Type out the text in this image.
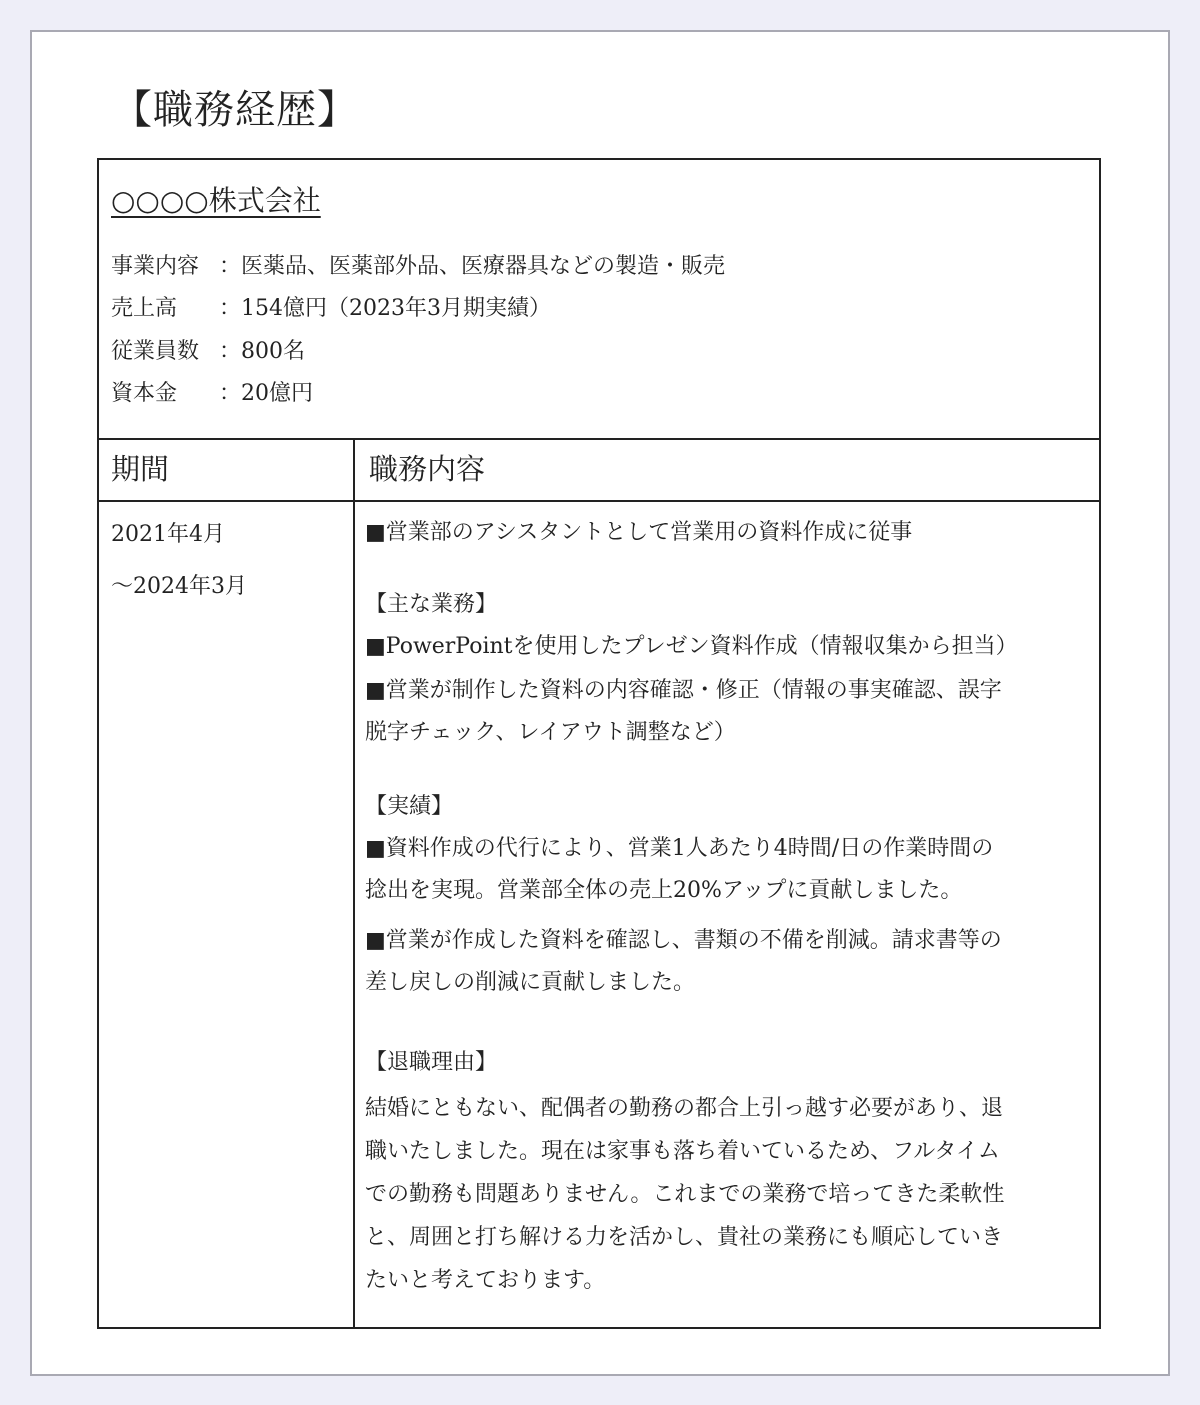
【職務経歴】
○○○○株式会社
事業内容 ：医薬品、医薬部外品、医療器具などの製造・販売
売上高 ：154億円（2023年3月期実績）
従業員数 ：800名
資本金 ：20億円
期間	職務内容
2021年4月
～2024年3月
■営業部のアシスタントとして営業用の資料作成に従事
【主な業務】
■PowerPointを使用したプレゼン資料作成（情報収集から担当）
■営業が制作した資料の内容確認・修正（情報の事実確認、誤字
脱字チェック、レイアウト調整など）
【実績】
■資料作成の代行により、営業1人あたり4時間/日の作業時間の
捻出を実現。営業部全体の売上20%アップに貢献しました。
■営業が作成した資料を確認し、書類の不備を削減。請求書等の
差し戻しの削減に貢献しました。
【退職理由】
結婚にともない、配偶者の勤務の都合上引っ越す必要があり、退
職いたしました。現在は家事も落ち着いているため、フルタイム
での勤務も問題ありません。これまでの業務で培ってきた柔軟性
と、周囲と打ち解ける力を活かし、貴社の業務にも順応していき
たいと考えております。
